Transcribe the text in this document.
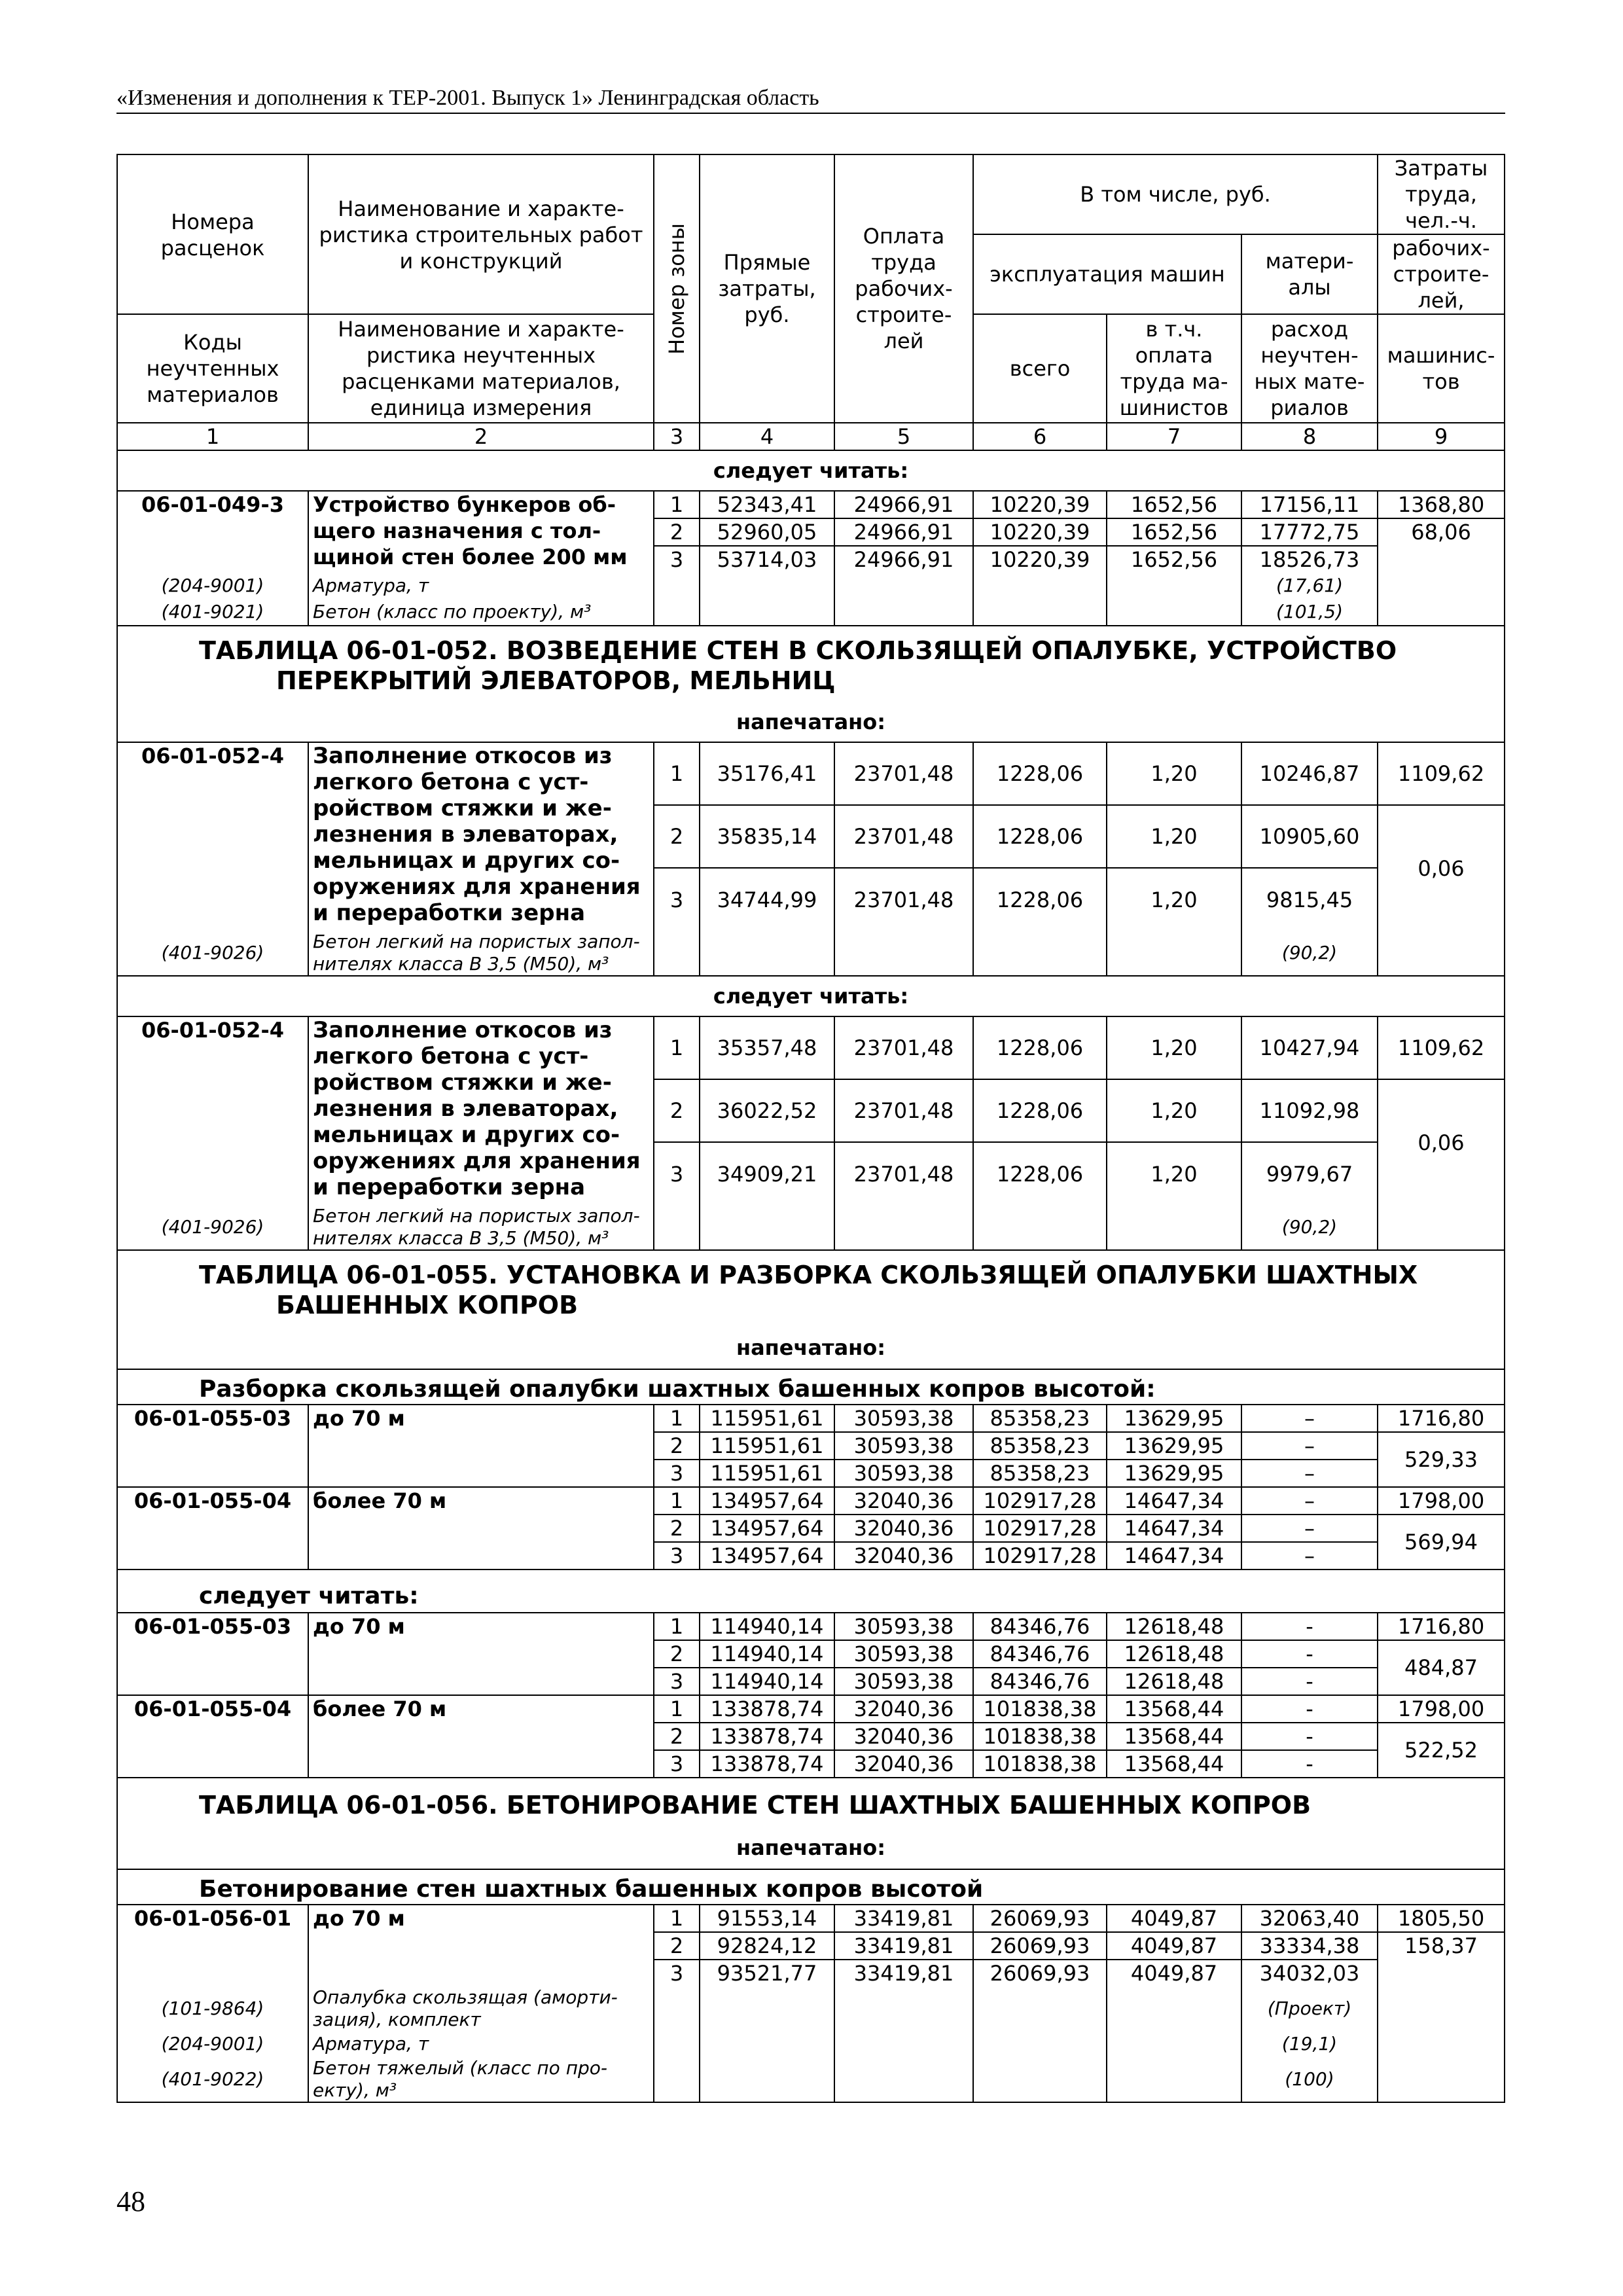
«Изменения и дополнения к ТЕР-2001. Выпуск 1» Ленинградская область
Номера расценок	Наименование и характе-ристика строительных работ и конструкций	Номер зоны	Прямые затраты, руб.	Оплата труда рабочих-строите-лей	В том числе, руб.			Затраты труда, чел.-ч.	
					эксплуатация машин		матери-алы	рабочих-строите-лей,	

Коды неучтенных материалов	Наименование и характе-ристика неучтенных расценками материалов, единица измерения				всего	в т.ч. оплата труда ма-шинистов	расход неучтен-ных мате-риалов	машинис-тов	
1	2	3	4	5	6	7	8	9	
следует читать:									
06-01-049-3	Устройство бункеров об-щего назначения с тол-щиной стен более 200 мм	1	52343,41	24966,91	10220,39	1652,56	17156,11	1368,80	
		2	52960,05	24966,91	10220,39	1652,56	17772,75	68,06	
		3	53714,03	24966,91	10220,39	1652,56	18526,73		
(204-9001)	Арматура, т						(17,61)		
(401-9021)	Бетон (класс по проекту), м³						(101,5)		

ТАБЛИЦА 06-01-052. ВОЗВЕДЕНИЕ СТЕН В СКОЛЬЗЯЩЕЙ ОПАЛУБКЕ, УСТРОЙСТВО
ПЕРЕКРЫТИЙ ЭЛЕВАТОРОВ, МЕЛЬНИЦ									

напечатано:									
06-01-052-4	Заполнение откосов из легкого бетона с уст-ройством стяжки и же-лезнения в элеваторах, мельницах и других со-оружениях для хранения и переработки зерна	1	35176,41	23701,48	1228,06	1,20	10246,87	1109,62	
		2	35835,14	23701,48	1228,06	1,20	10905,60	0,06	
		3	34744,99	23701,48	1228,06	1,20	9815,45		
(401-9026)	Бетон легкий на пористых запол-нителях класса В 3,5 (М50), м³						(90,2)		
следует читать:									
06-01-052-4	Заполнение откосов из легкого бетона с уст-ройством стяжки и же-лезнения в элеваторах, мельницах и других со-оружениях для хранения и переработки зерна	1	35357,48	23701,48	1228,06	1,20	10427,94	1109,62	
		2	36022,52	23701,48	1228,06	1,20	11092,98	0,06	
		3	34909,21	23701,48	1228,06	1,20	9979,67		
(401-9026)	Бетон легкий на пористых запол-нителях класса В 3,5 (М50), м³						(90,2)		

ТАБЛИЦА 06-01-055. УСТАНОВКА И РАЗБОРКА СКОЛЬЗЯЩЕЙ ОПАЛУБКИ ШАХТНЫХ
БАШЕННЫХ КОПРОВ									

напечатано:									
Разборка скользящей опалубки шахтных башенных копров высотой:									
06-01-055-03	до 70 м	1	115951,61	30593,38	85358,23	13629,95	–	1716,80	
		2	115951,61	30593,38	85358,23	13629,95	–	529,33	
		3	115951,61	30593,38	85358,23	13629,95	–		
06-01-055-04	более 70 м	1	134957,64	32040,36	102917,28	14647,34	–	1798,00	
		2	134957,64	32040,36	102917,28	14647,34	–	569,94	
		3	134957,64	32040,36	102917,28	14647,34	–		
следует читать:									
06-01-055-03	до 70 м	1	114940,14	30593,38	84346,76	12618,48	-	1716,80	
		2	114940,14	30593,38	84346,76	12618,48	-	484,87	
		3	114940,14	30593,38	84346,76	12618,48	-		
06-01-055-04	более 70 м	1	133878,74	32040,36	101838,38	13568,44	-	1798,00	
		2	133878,74	32040,36	101838,38	13568,44	-	522,52	
		3	133878,74	32040,36	101838,38	13568,44	-		
ТАБЛИЦА 06-01-056. БЕТОНИРОВАНИЕ СТЕН ШАХТНЫХ БАШЕННЫХ КОПРОВ									
напечатано:									
Бетонирование стен шахтных башенных копров высотой									
06-01-056-01	до 70 м	1	91553,14	33419,81	26069,93	4049,87	32063,40	1805,50	
		2	92824,12	33419,81	26069,93	4049,87	33334,38	158,37	
		3	93521,77	33419,81	26069,93	4049,87	34032,03		
(101-9864)	Опалубка скользящая (аморти-зация), комплект						(Проект)		
(204-9001)	Арматура, т						(19,1)		
(401-9022)	Бетон тяжелый (класс по про-екту), м³						(100)		
48
